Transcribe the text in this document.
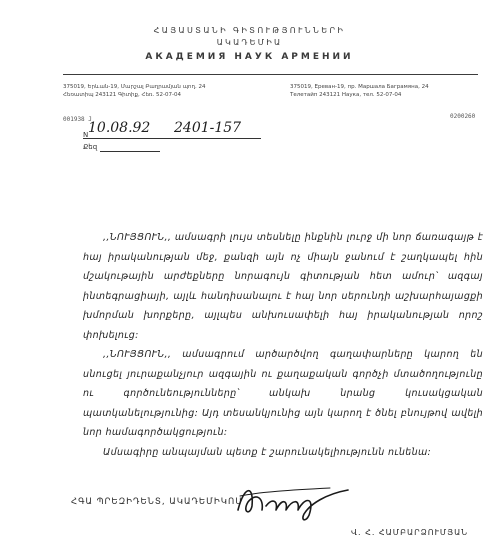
ՀԱՅԱՍՏԱՆԻ ԳԻՏՈՒԹՅՈՒՆՆԵՐԻ
ԱԿԱԴԵՄԻԱ
АКАДЕМИЯ НАУК АРМЕНИИ
375019, Երևան-19, Մարշալ Բաղրամյան պող. 24
Հեռատիպ 243121 Գիտիք, Հեռ. 52-07-04
375019, Ереван-19, пр. Маршала Баграмяна, 24
Телетайп 243121 Наука, тел. 52-07-04
001938 J	0200260
10.08.92 2401-157
N
Քեզ

,,ՆՈՒՅՑՈՒՆ,, ամսագրի լույս տեսնելը ինքնին լուրջ մի նոր ճառագայթ է հայ իրականության մեջ, քանզի այն ոչ միայն ջանում է շաղկապել հին մշակութային արժեքները նորագույն գիտության հետ ամուր՝ ազգայ ինտեգրացիայի, այլև հանդիսանալու է հայ նոր սերունդի աշխարհայացքի խմորման խորքերը, այլպես անխուսափելի հայ իրականության որոշ փոխելուց:

,,ՆՈՒՅՑՈՒՆ,, ամսագրում արծարծվող գաղափարները կարող են սնուցել յուրաքանչյուր ազգային ու քաղաքական գործչի մտածողությունը ու գործունեությունները՝ անկախ նրանց կուսակցական պատկանելությունից: Այդ տեսանկյունից այն կարող է ծնել բնույթով ավելի նոր համագործակցություն:

Ամսագիրը անպայման պետք է շարունակելիությունն ունենա:

ՀԳԱ ՊՐԵԶԻԴԵՆՏ, ԱԿԱԴԵՄԻԿՈՍ
Վ. Հ. ՀԱՄԲԱՐՁՈՒՄՅԱՆ
